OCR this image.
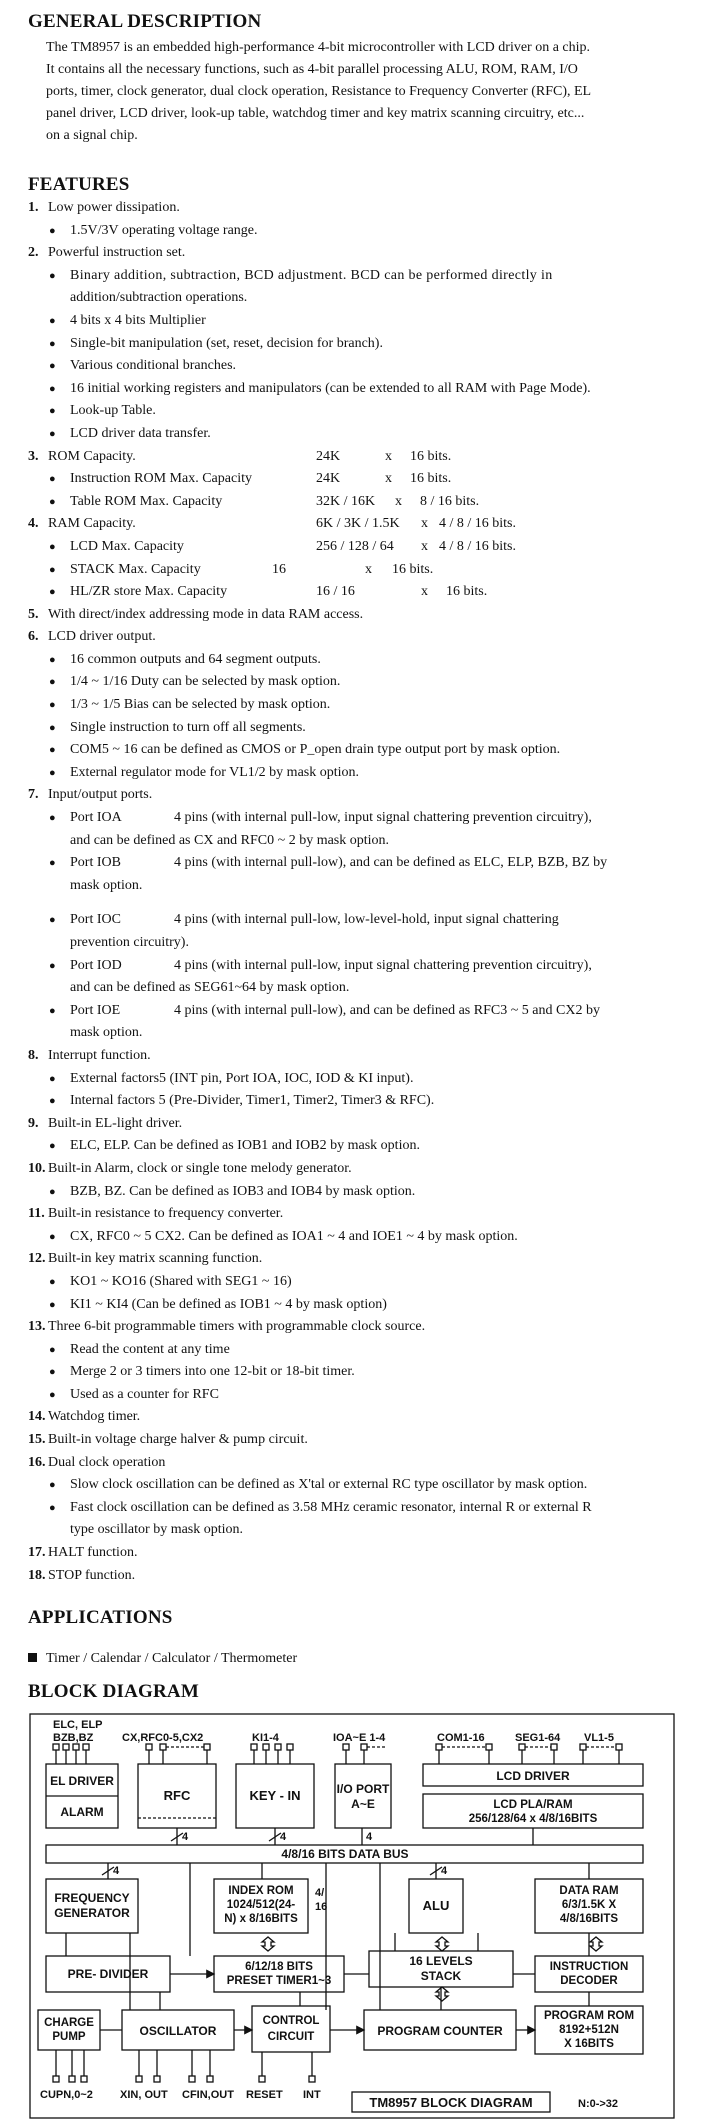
GENERAL DESCRIPTION
The TM8957 is an embedded high-performance 4-bit microcontroller with LCD driver on a chip.
It contains all the necessary functions, such as 4-bit parallel processing ALU, ROM, RAM, I/O
ports, timer, clock generator, dual clock operation, Resistance to Frequency Converter (RFC), EL
panel driver, LCD driver, look-up table, watchdog timer and key matrix scanning circuitry, etc...
on a signal chip.
FEATURES
1. Low power dissipation.
● 1.5V/3V operating voltage range.
2. Powerful instruction set.
● Binary addition, subtraction, BCD adjustment. BCD can be performed directly in
addition/subtraction operations.
● 4 bits x 4 bits Multiplier
● Single-bit manipulation (set, reset, decision for branch).
● Various conditional branches.
● 16 initial working registers and manipulators (can be extended to all RAM with Page Mode).
● Look-up Table.
● LCD driver data transfer.
3. ROM Capacity.	24K	x 16 bits.
● Instruction ROM Max. Capacity	24K	x 16 bits.
● Table ROM Max. Capacity	32K / 16K x 8 / 16 bits.
4. RAM Capacity.	6K / 3K / 1.5K x 4 / 8 / 16 bits.
● LCD Max. Capacity	256 / 128 / 64 x 4 / 8 / 16 bits.
● STACK Max. Capacity	16	x 16 bits.
● HL/ZR store Max. Capacity	16 / 16	x 16 bits.
5. With direct/index addressing mode in data RAM access.
6. LCD driver output.
● 16 common outputs and 64 segment outputs.
● 1/4 ~ 1/16 Duty can be selected by mask option.
● 1/3 ~ 1/5 Bias can be selected by mask option.
● Single instruction to turn off all segments.
● COM5 ~ 16 can be defined as CMOS or P_open drain type output port by mask option.
● External regulator mode for VL1/2 by mask option.
7. Input/output ports.
● Port IOA	4 pins (with internal pull-low, input signal chattering prevention circuitry),
and can be defined as CX and RFC0 ~ 2 by mask option.
● Port IOB	4 pins (with internal pull-low), and can be defined as ELC, ELP, BZB, BZ by
mask option.
● Port IOC	4 pins (with internal pull-low, low-level-hold, input signal chattering
prevention circuitry).
● Port IOD	4 pins (with internal pull-low, input signal chattering prevention circuitry),
and can be defined as SEG61~64 by mask option.
● Port IOE	4 pins (with internal pull-low), and can be defined as RFC3 ~ 5 and CX2 by
mask option.
8. Interrupt function.
● External factors5 (INT pin, Port IOA, IOC, IOD & KI input).
● Internal factors 5 (Pre-Divider, Timer1, Timer2, Timer3 & RFC).
9. Built-in EL-light driver.
● ELC, ELP. Can be defined as IOB1 and IOB2 by mask option.
10. Built-in Alarm, clock or single tone melody generator.
● BZB, BZ. Can be defined as IOB3 and IOB4 by mask option.
11. Built-in resistance to frequency converter.
● CX, RFC0 ~ 5 CX2. Can be defined as IOA1 ~ 4 and IOE1 ~ 4 by mask option.
12. Built-in key matrix scanning function.
● KO1 ~ KO16 (Shared with SEG1 ~ 16)
● KI1 ~ KI4 (Can be defined as IOB1 ~ 4 by mask option)
13. Three 6-bit programmable timers with programmable clock source.
● Read the content at any time
● Merge 2 or 3 timers into one 12-bit or 18-bit timer.
● Used as a counter for RFC
14. Watchdog timer.
15. Built-in voltage charge halver & pump circuit.
16. Dual clock operation
● Slow clock oscillation can be defined as X'tal or external RC type oscillator by mask option.
● Fast clock oscillation can be defined as 3.58 MHz ceramic resonator, internal R or external R
type oscillator by mask option.
17. HALT function.
18. STOP function.
APPLICATIONS
Timer / Calendar / Calculator / Thermometer
BLOCK DIAGRAM
ELC, ELP
BZB,BZ	CX,RFC0-5,CX2	KI1-4	IOA~E 1-4	COM1-16	SEG1-64 VL1-5
EL DRIVER
ALARM
RFC	KEY - IN	I/O PORT
A~E
LCD DRIVER
LCD PLA/RAM
256/128/64 x 4/8/16BITS
4	4	4
4/8/16 BITS DATA BUS
4	4
FREQUENCY
GENERATOR
INDEX ROM
1024/512(24-
N) x 8/16BITS
4/
16	ALU
DATA RAM
6/3/1.5K X
4/8/16BITS
PRE- DIVIDER	6/12/18 BITS
PRESET TIMER1~3
16 LEVELS
STACK
INSTRUCTION
DECODER
CHARGE
PUMP	OSCILLATOR
CONTROL
CIRCUIT	PROGRAM COUNTER
PROGRAM ROM
8192+512N
X 16BITS
CUPN,0~2 XIN, OUT CFIN,OUT RESET INT	TM8957 BLOCK DIAGRAM	N:0->32
